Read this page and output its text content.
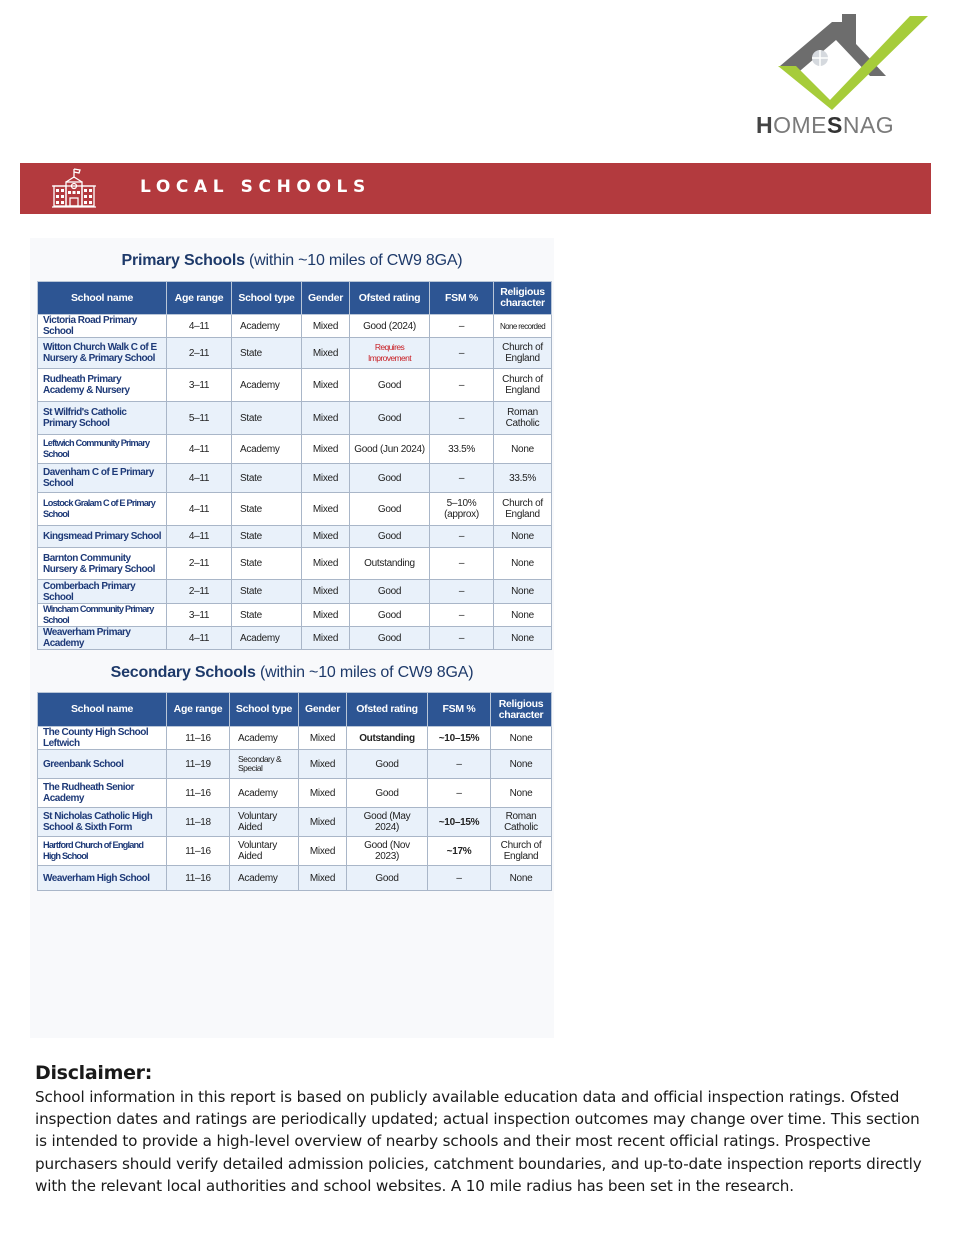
HOMESNAG
LOCAL SCHOOLS
Primary Schools (within ~10 miles of CW9 8GA)
School name	Age range	School type	Gender	Ofsted rating	FSM %	Religious character
Victoria Road Primary School	4–11	Academy	Mixed	Good (2024)	–	None recorded
Witton Church Walk C of E Nursery & Primary School	2–11	State	Mixed	Requires Improvement	–	Church of England
Rudheath Primary Academy & Nursery	3–11	Academy	Mixed	Good	–	Church of England
St Wilfrid's Catholic Primary School	5–11	State	Mixed	Good	–	Roman Catholic
Leftwich Community Primary School	4–11	Academy	Mixed	Good (Jun 2024)	33.5%	None
Davenham C of E Primary School	4–11	State	Mixed	Good	–	33.5%
Lostock Gralam C of E Primary School	4–11	State	Mixed	Good	5–10% (approx)	Church of England
Kingsmead Primary School	4–11	State	Mixed	Good	–	None
Barnton Community Nursery & Primary School	2–11	State	Mixed	Outstanding	–	None
Comberbach Primary School	2–11	State	Mixed	Good	–	None
Wincham Community Primary School	3–11	State	Mixed	Good	–	None
Weaverham Primary Academy	4–11	Academy	Mixed	Good	–	None
Secondary Schools (within ~10 miles of CW9 8GA)
School name	Age range	School type	Gender	Ofsted rating	FSM %	Religious character
The County High School Leftwich	11–16	Academy	Mixed	Outstanding	~10–15%	None
Greenbank School	11–19	Secondary & Special	Mixed	Good	–	None
The Rudheath Senior Academy	11–16	Academy	Mixed	Good	–	None
St Nicholas Catholic High School & Sixth Form	11–18	Voluntary Aided	Mixed	Good (May 2024)	~10–15%	Roman Catholic
Hartford Church of England High School	11–16	Voluntary Aided	Mixed	Good (Nov 2023)	~17%	Church of England
Weaverham High School	11–16	Academy	Mixed	Good	–	None
Disclaimer:

School information in this report is based on publicly available education data and official inspection ratings. Ofsted inspection dates and ratings are periodically updated; actual inspection outcomes may change over time. This section is intended to provide a high-level overview of nearby schools and their most recent official ratings. Prospective purchasers should verify detailed admission policies, catchment boundaries, and up-to-date inspection reports directly with the relevant local authorities and school websites. A 10 mile radius has been set in the research.
